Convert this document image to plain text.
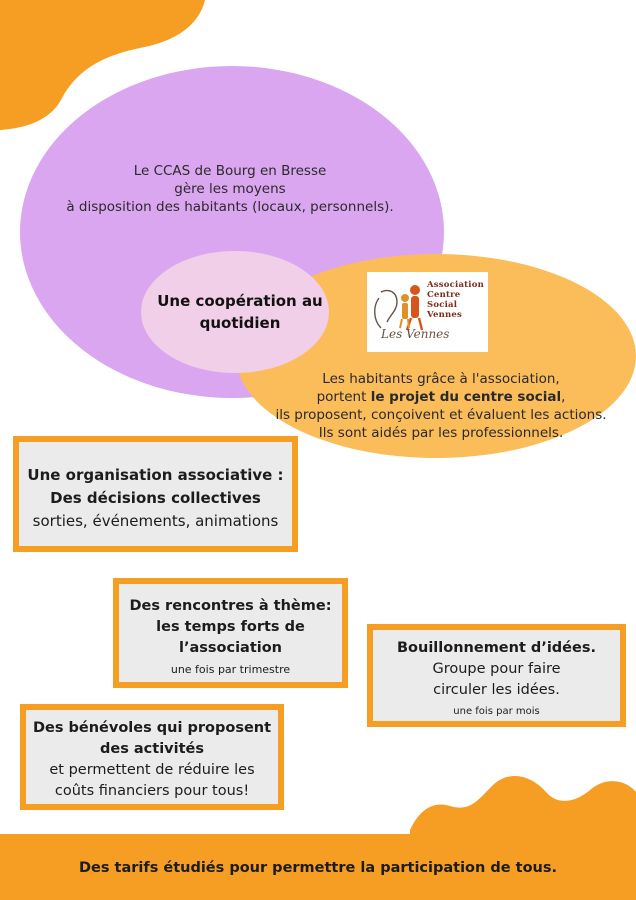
Le CCAS de Bourg en Bresse
gère les moyens
à disposition des habitants (locaux, personnels).
Une coopération au
quotidien
Association
Centre
Social
Vennes
Les Vennes
Les habitants grâce à l'association,
portent le projet du centre social,
ils proposent, conçoivent et évaluent les actions.
Ils sont aidés par les professionnels.
Une organisation associative :
Des décisions collectives
sorties, événements, animations
Des rencontres à thème:
les temps forts de
l’association
une fois par trimestre
Bouillonnement d’idées.
Groupe pour faire
circuler les idées.
une fois par mois
Des bénévoles qui proposent
des activités
et permettent de réduire les
coûts financiers pour tous!
Des tarifs étudiés pour permettre la participation de tous.
